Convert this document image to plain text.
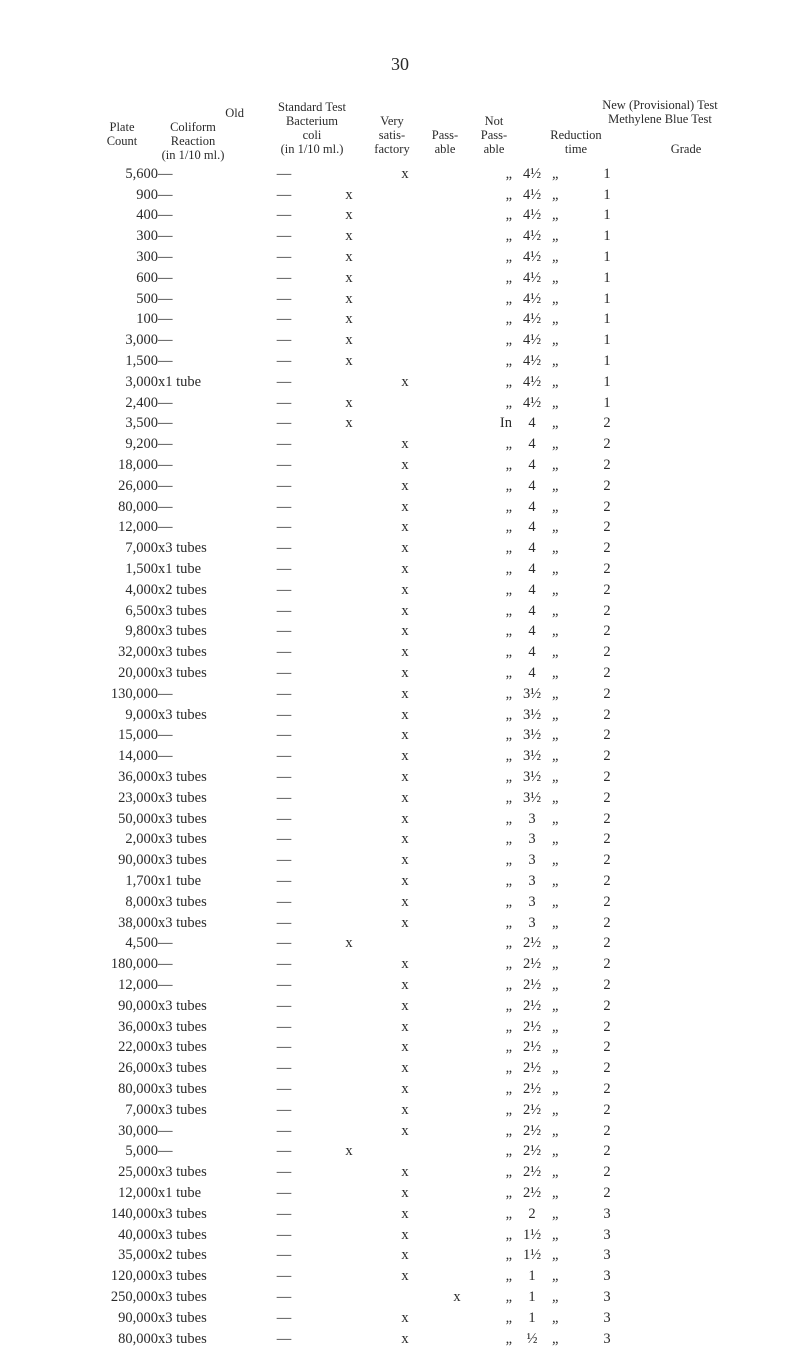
30
Plate
Count
Old
Coliform
Reaction
(in 1/10 ml.)
Standard Test
Bacterium
coli
(in 1/10 ml.)
Very
satis-
factory
Pass-
able
Not
Pass-
able
New (Provisional) Test
Methylene Blue Test
Reduction
time	Grade
5,600	—	—		x		„	4½	„	1
900	—	—	x			„	4½	„	1
400	—	—	x			„	4½	„	1
300	—	—	x			„	4½	„	1
300	—	—	x			„	4½	„	1
600	—	—	x			„	4½	„	1
500	—	—	x			„	4½	„	1
100	—	—	x			„	4½	„	1
3,000	—	—	x			„	4½	„	1
1,500	—	—	x			„	4½	„	1
3,000	x1 tube	—		x		„	4½	„	1
2,400	—	—	x			„	4½	„	1
3,500	—	—	x			In	4	„	2
9,200	—	—		x		„	4	„	2
18,000	—	—		x		„	4	„	2
26,000	—	—		x		„	4	„	2
80,000	—	—		x		„	4	„	2
12,000	—	—		x		„	4	„	2
7,000	x3 tubes	—		x		„	4	„	2
1,500	x1 tube	—		x		„	4	„	2
4,000	x2 tubes	—		x		„	4	„	2
6,500	x3 tubes	—		x		„	4	„	2
9,800	x3 tubes	—		x		„	4	„	2
32,000	x3 tubes	—		x		„	4	„	2
20,000	x3 tubes	—		x		„	4	„	2
130,000	—	—		x		„	3½	„	2
9,000	x3 tubes	—		x		„	3½	„	2
15,000	—	—		x		„	3½	„	2
14,000	—	—		x		„	3½	„	2
36,000	x3 tubes	—		x		„	3½	„	2
23,000	x3 tubes	—		x		„	3½	„	2
50,000	x3 tubes	—		x		„	3	„	2
2,000	x3 tubes	—		x		„	3	„	2
90,000	x3 tubes	—		x		„	3	„	2
1,700	x1 tube	—		x		„	3	„	2
8,000	x3 tubes	—		x		„	3	„	2
38,000	x3 tubes	—		x		„	3	„	2
4,500	—	—	x			„	2½	„	2
180,000	—	—		x		„	2½	„	2
12,000	—	—		x		„	2½	„	2
90,000	x3 tubes	—		x		„	2½	„	2
36,000	x3 tubes	—		x		„	2½	„	2
22,000	x3 tubes	—		x		„	2½	„	2
26,000	x3 tubes	—		x		„	2½	„	2
80,000	x3 tubes	—		x		„	2½	„	2
7,000	x3 tubes	—		x		„	2½	„	2
30,000	—	—		x		„	2½	„	2
5,000	—	—	x			„	2½	„	2
25,000	x3 tubes	—		x		„	2½	„	2
12,000	x1 tube	—		x		„	2½	„	2
140,000	x3 tubes	—		x		„	2	„	3
40,000	x3 tubes	—		x		„	1½	„	3
35,000	x2 tubes	—		x		„	1½	„	3
120,000	x3 tubes	—		x		„	1	„	3
250,000	x3 tubes	—			x	„	1	„	3
90,000	x3 tubes	—		x		„	1	„	3
80,000	x3 tubes	—		x		„	½	„	3
